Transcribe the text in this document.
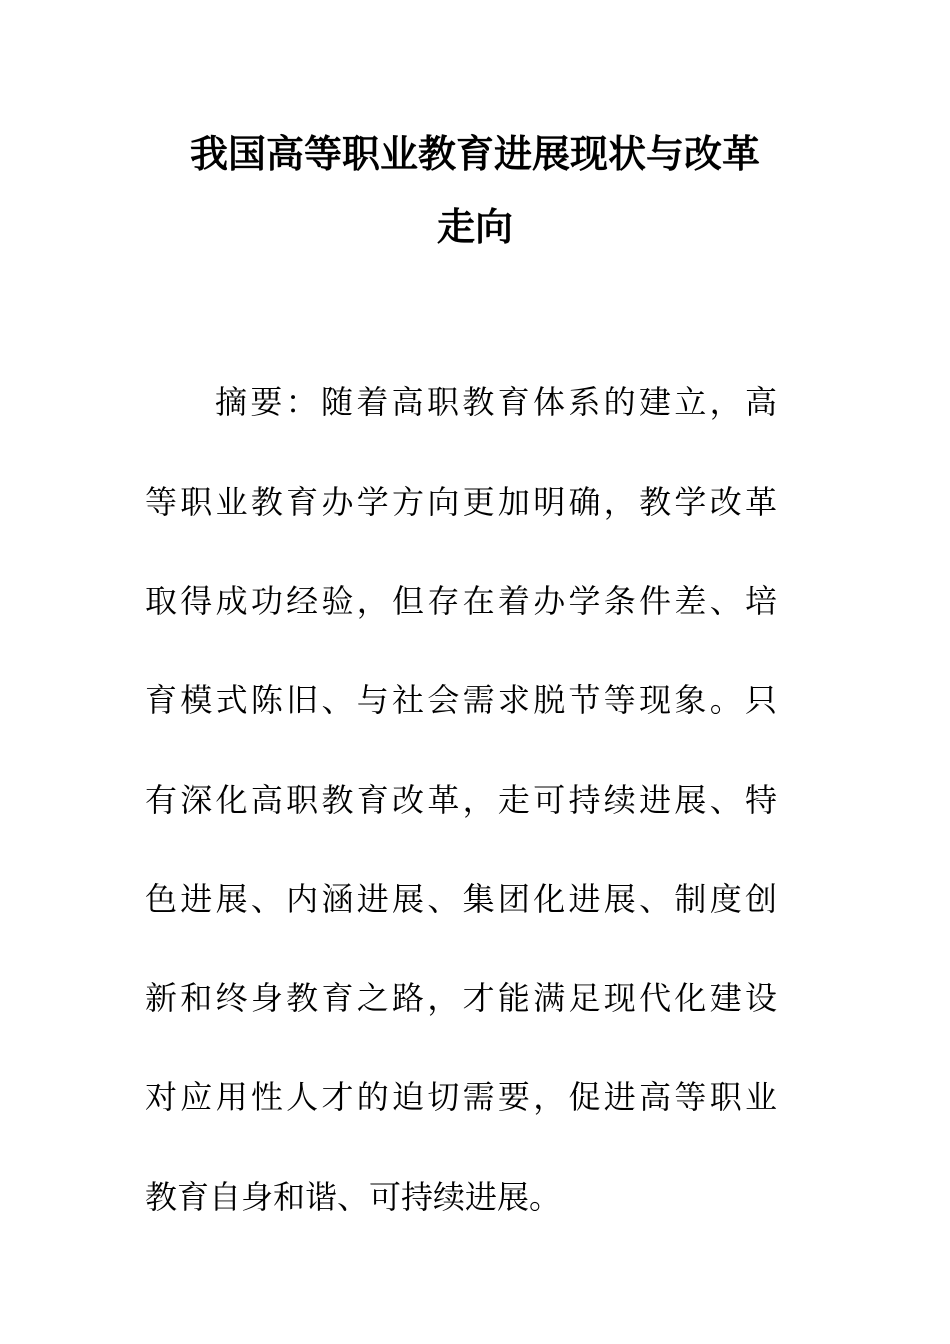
我国高等职业教育进展现状与改革
走向
摘要：随着高职教育体系的建立，高
等职业教育办学方向更加明确，教学改革
取得成功经验，但存在着办学条件差、培
育模式陈旧、与社会需求脱节等现象。只
有深化高职教育改革，走可持续进展、特
色进展、内涵进展、集团化进展、制度创
新和终身教育之路，才能满足现代化建设
对应用性人才的迫切需要，促进高等职业
教育自身和谐、可持续进展。
